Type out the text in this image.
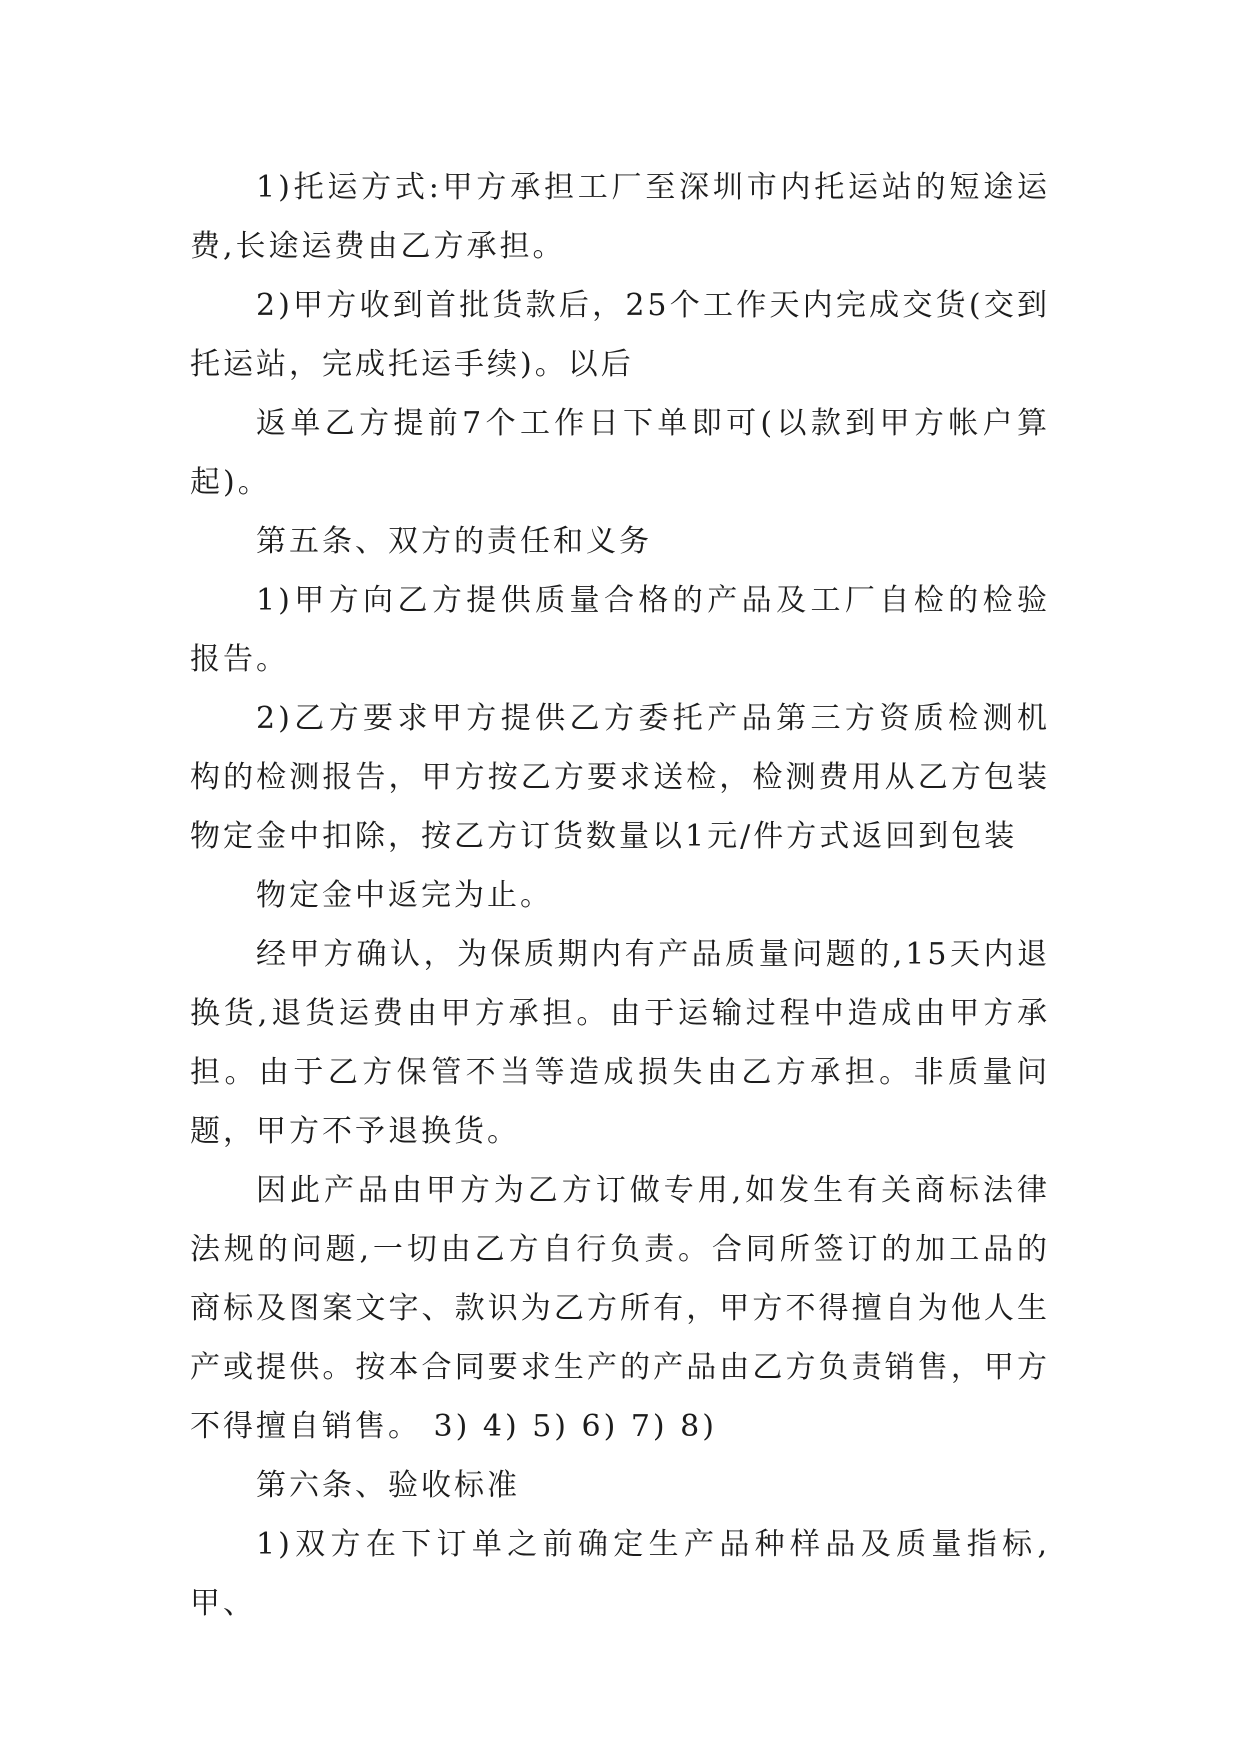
1)托运方式:甲方承担工厂至深圳市内托运站的短途运费,长途运费由乙方承担。

2)甲方收到首批货款后，25个工作天内完成交货(交到托运站，完成托运手续)。以后

返单乙方提前7个工作日下单即可(以款到甲方帐户算起)。

第五条、双方的责任和义务

1)甲方向乙方提供质量合格的产品及工厂自检的检验报告。

2)乙方要求甲方提供乙方委托产品第三方资质检测机构的检测报告，甲方按乙方要求送检，检测费用从乙方包装物定金中扣除，按乙方订货数量以1元/件方式返回到包装

物定金中返完为止。

经甲方确认，为保质期内有产品质量问题的,15天内退换货,退货运费由甲方承担。由于运输过程中造成由甲方承担。由于乙方保管不当等造成损失由乙方承担。非质量问题，甲方不予退换货。

因此产品由甲方为乙方订做专用,如发生有关商标法律法规的问题,一切由乙方自行负责。合同所签订的加工品的商标及图案文字、款识为乙方所有，甲方不得擅自为他人生产或提供。按本合同要求生产的产品由乙方负责销售，甲方不得擅自销售。 3) 4) 5) 6) 7) 8)

第六条、验收标准

1)双方在下订单之前确定生产品种样品及质量指标,甲、
